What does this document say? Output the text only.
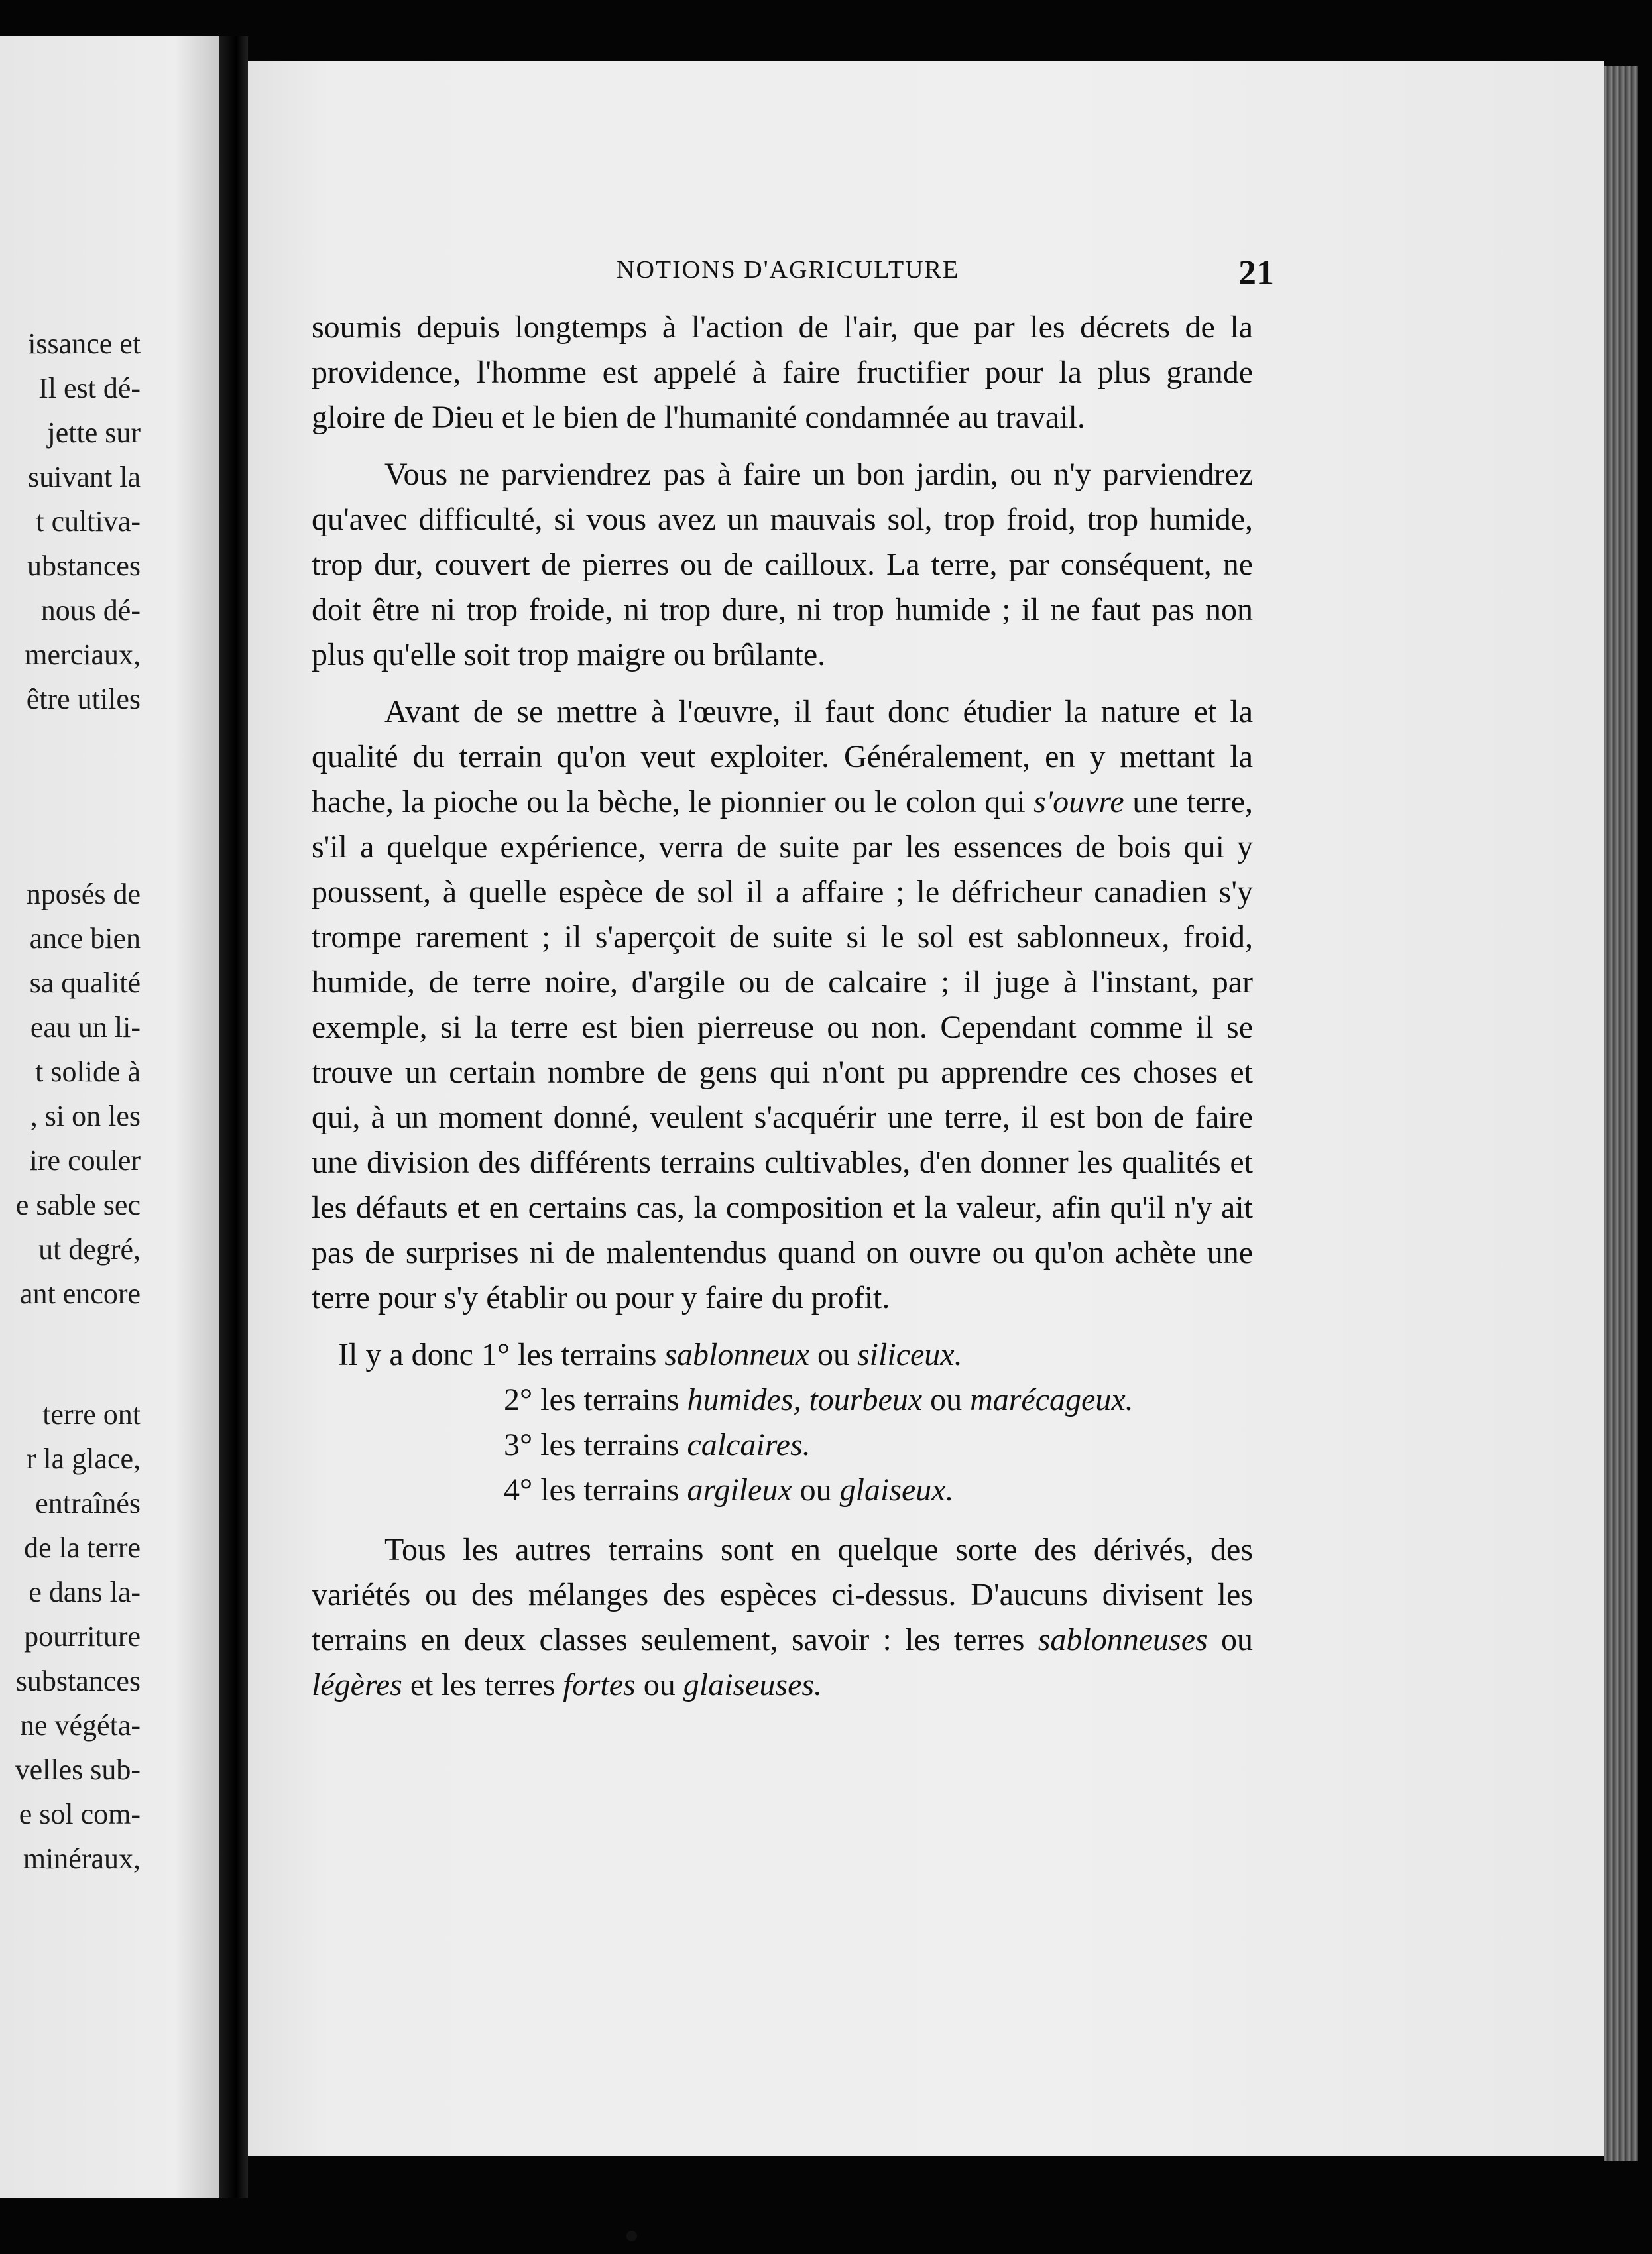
issance et
Il est dé-
jette sur
suivant la
t cultiva-
ubstances
nous dé-
merciaux,
être utiles
nposés de
ance bien
sa qualité
eau un li-
t solide à
, si on les
ire couler
e sable sec
ut degré,
ant encore
terre ont
r la glace,
entraînés
de la terre
e dans la-
pourriture
substances
ne végéta-
velles sub-
e sol com-
minéraux,
NOTIONS D'AGRICULTURE	21

soumis depuis longtemps à l'action de l'air, que par les décrets de la providence, l'homme est appelé à faire fructifier pour la plus grande gloire de Dieu et le bien de l'humanité condamnée au travail.

Vous ne parviendrez pas à faire un bon jardin, ou n'y parviendrez qu'avec difficulté, si vous avez un mauvais sol, trop froid, trop humide, trop dur, couvert de pierres ou de cailloux. La terre, par conséquent, ne doit être ni trop froide, ni trop dure, ni trop humide ; il ne faut pas non plus qu'elle soit trop maigre ou brûlante.

Avant de se mettre à l'œuvre, il faut donc étudier la nature et la qualité du terrain qu'on veut exploiter. Généralement, en y mettant la hache, la pioche ou la bèche, le pionnier ou le colon qui s'ouvre une terre, s'il a quelque expérience, verra de suite par les essences de bois qui y poussent, à quelle espèce de sol il a affaire ; le défricheur canadien s'y trompe rarement ; il s'aperçoit de suite si le sol est sablonneux, froid, humide, de terre noire, d'argile ou de calcaire ; il juge à l'instant, par exemple, si la terre est bien pierreuse ou non. Cependant comme il se trouve un certain nombre de gens qui n'ont pu apprendre ces choses et qui, à un moment donné, veulent s'acquérir une terre, il est bon de faire une division des différents terrains cultivables, d'en donner les qualités et les défauts et en certains cas, la composition et la valeur, afin qu'il n'y ait pas de surprises ni de malentendus quand on ouvre ou qu'on achète une terre pour s'y établir ou pour y faire du profit.

Il y a donc 1° les terrains sablonneux ou siliceux.
2° les terrains humides, tourbeux ou marécageux.
3° les terrains calcaires.
4° les terrains argileux ou glaiseux.

Tous les autres terrains sont en quelque sorte des dérivés, des variétés ou des mélanges des espèces ci-dessus. D'aucuns divisent les terrains en deux classes seulement, savoir : les terres sablonneuses ou légères et les terres fortes ou glaiseuses.
